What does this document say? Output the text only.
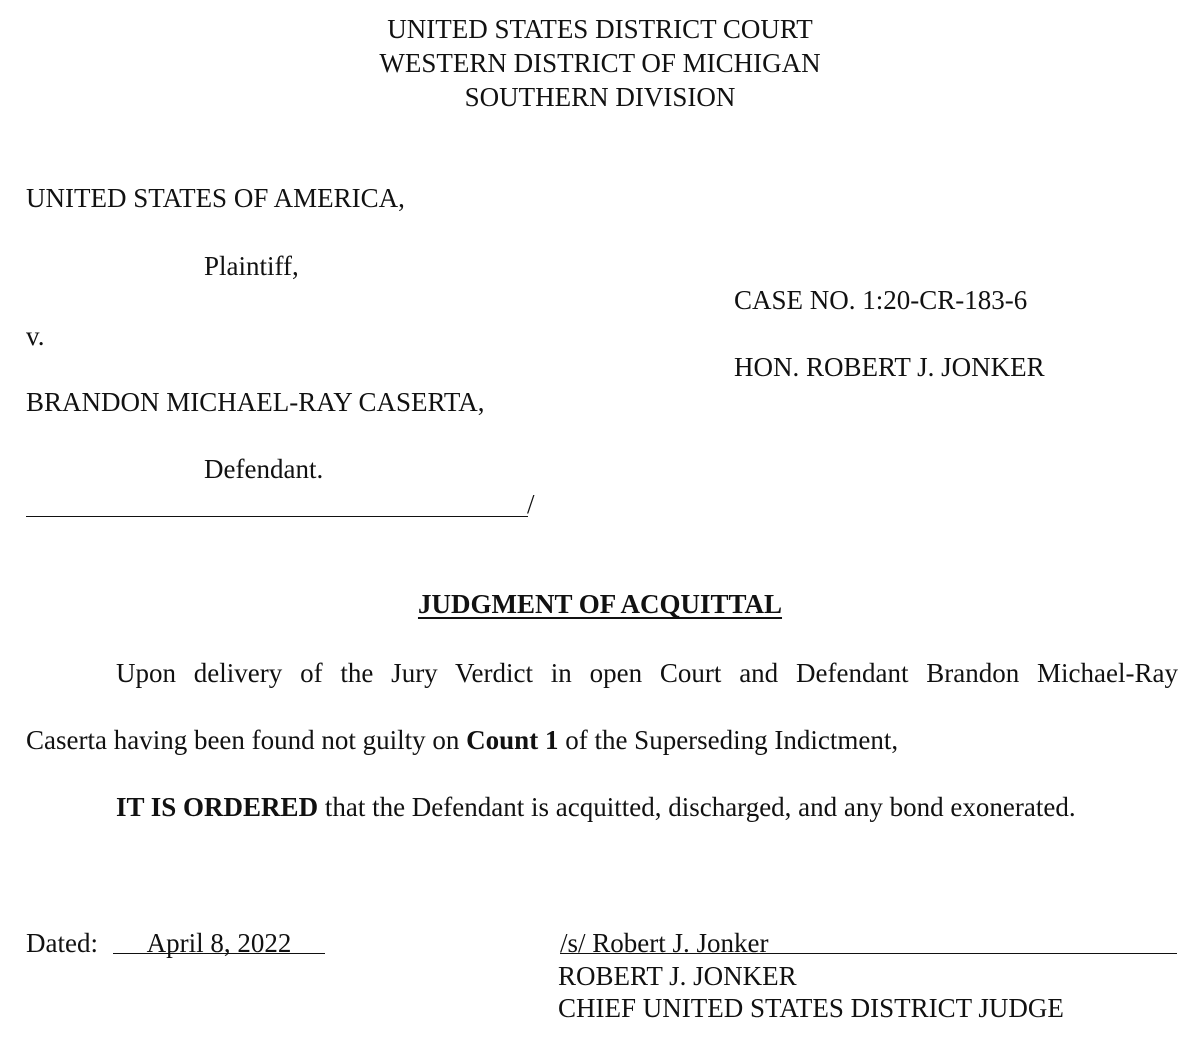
UNITED STATES DISTRICT COURT
WESTERN DISTRICT OF MICHIGAN
SOUTHERN DIVISION
UNITED STATES OF AMERICA,
Plaintiff,
v.
BRANDON MICHAEL-RAY CASERTA,
Defendant.
/
CASE NO. 1:20-CR-183-6
HON. ROBERT J. JONKER
JUDGMENT OF ACQUITTAL
Upon delivery of the Jury Verdict in open Court and Defendant Brandon Michael-Ray
Caserta having been found not guilty on Count 1 of the Superseding Indictment,
IT IS ORDERED that the Defendant is acquitted, discharged, and any bond exonerated.
Dated:	April 8, 2022	/s/ Robert J. Jonker
ROBERT J. JONKER
CHIEF UNITED STATES DISTRICT JUDGE
